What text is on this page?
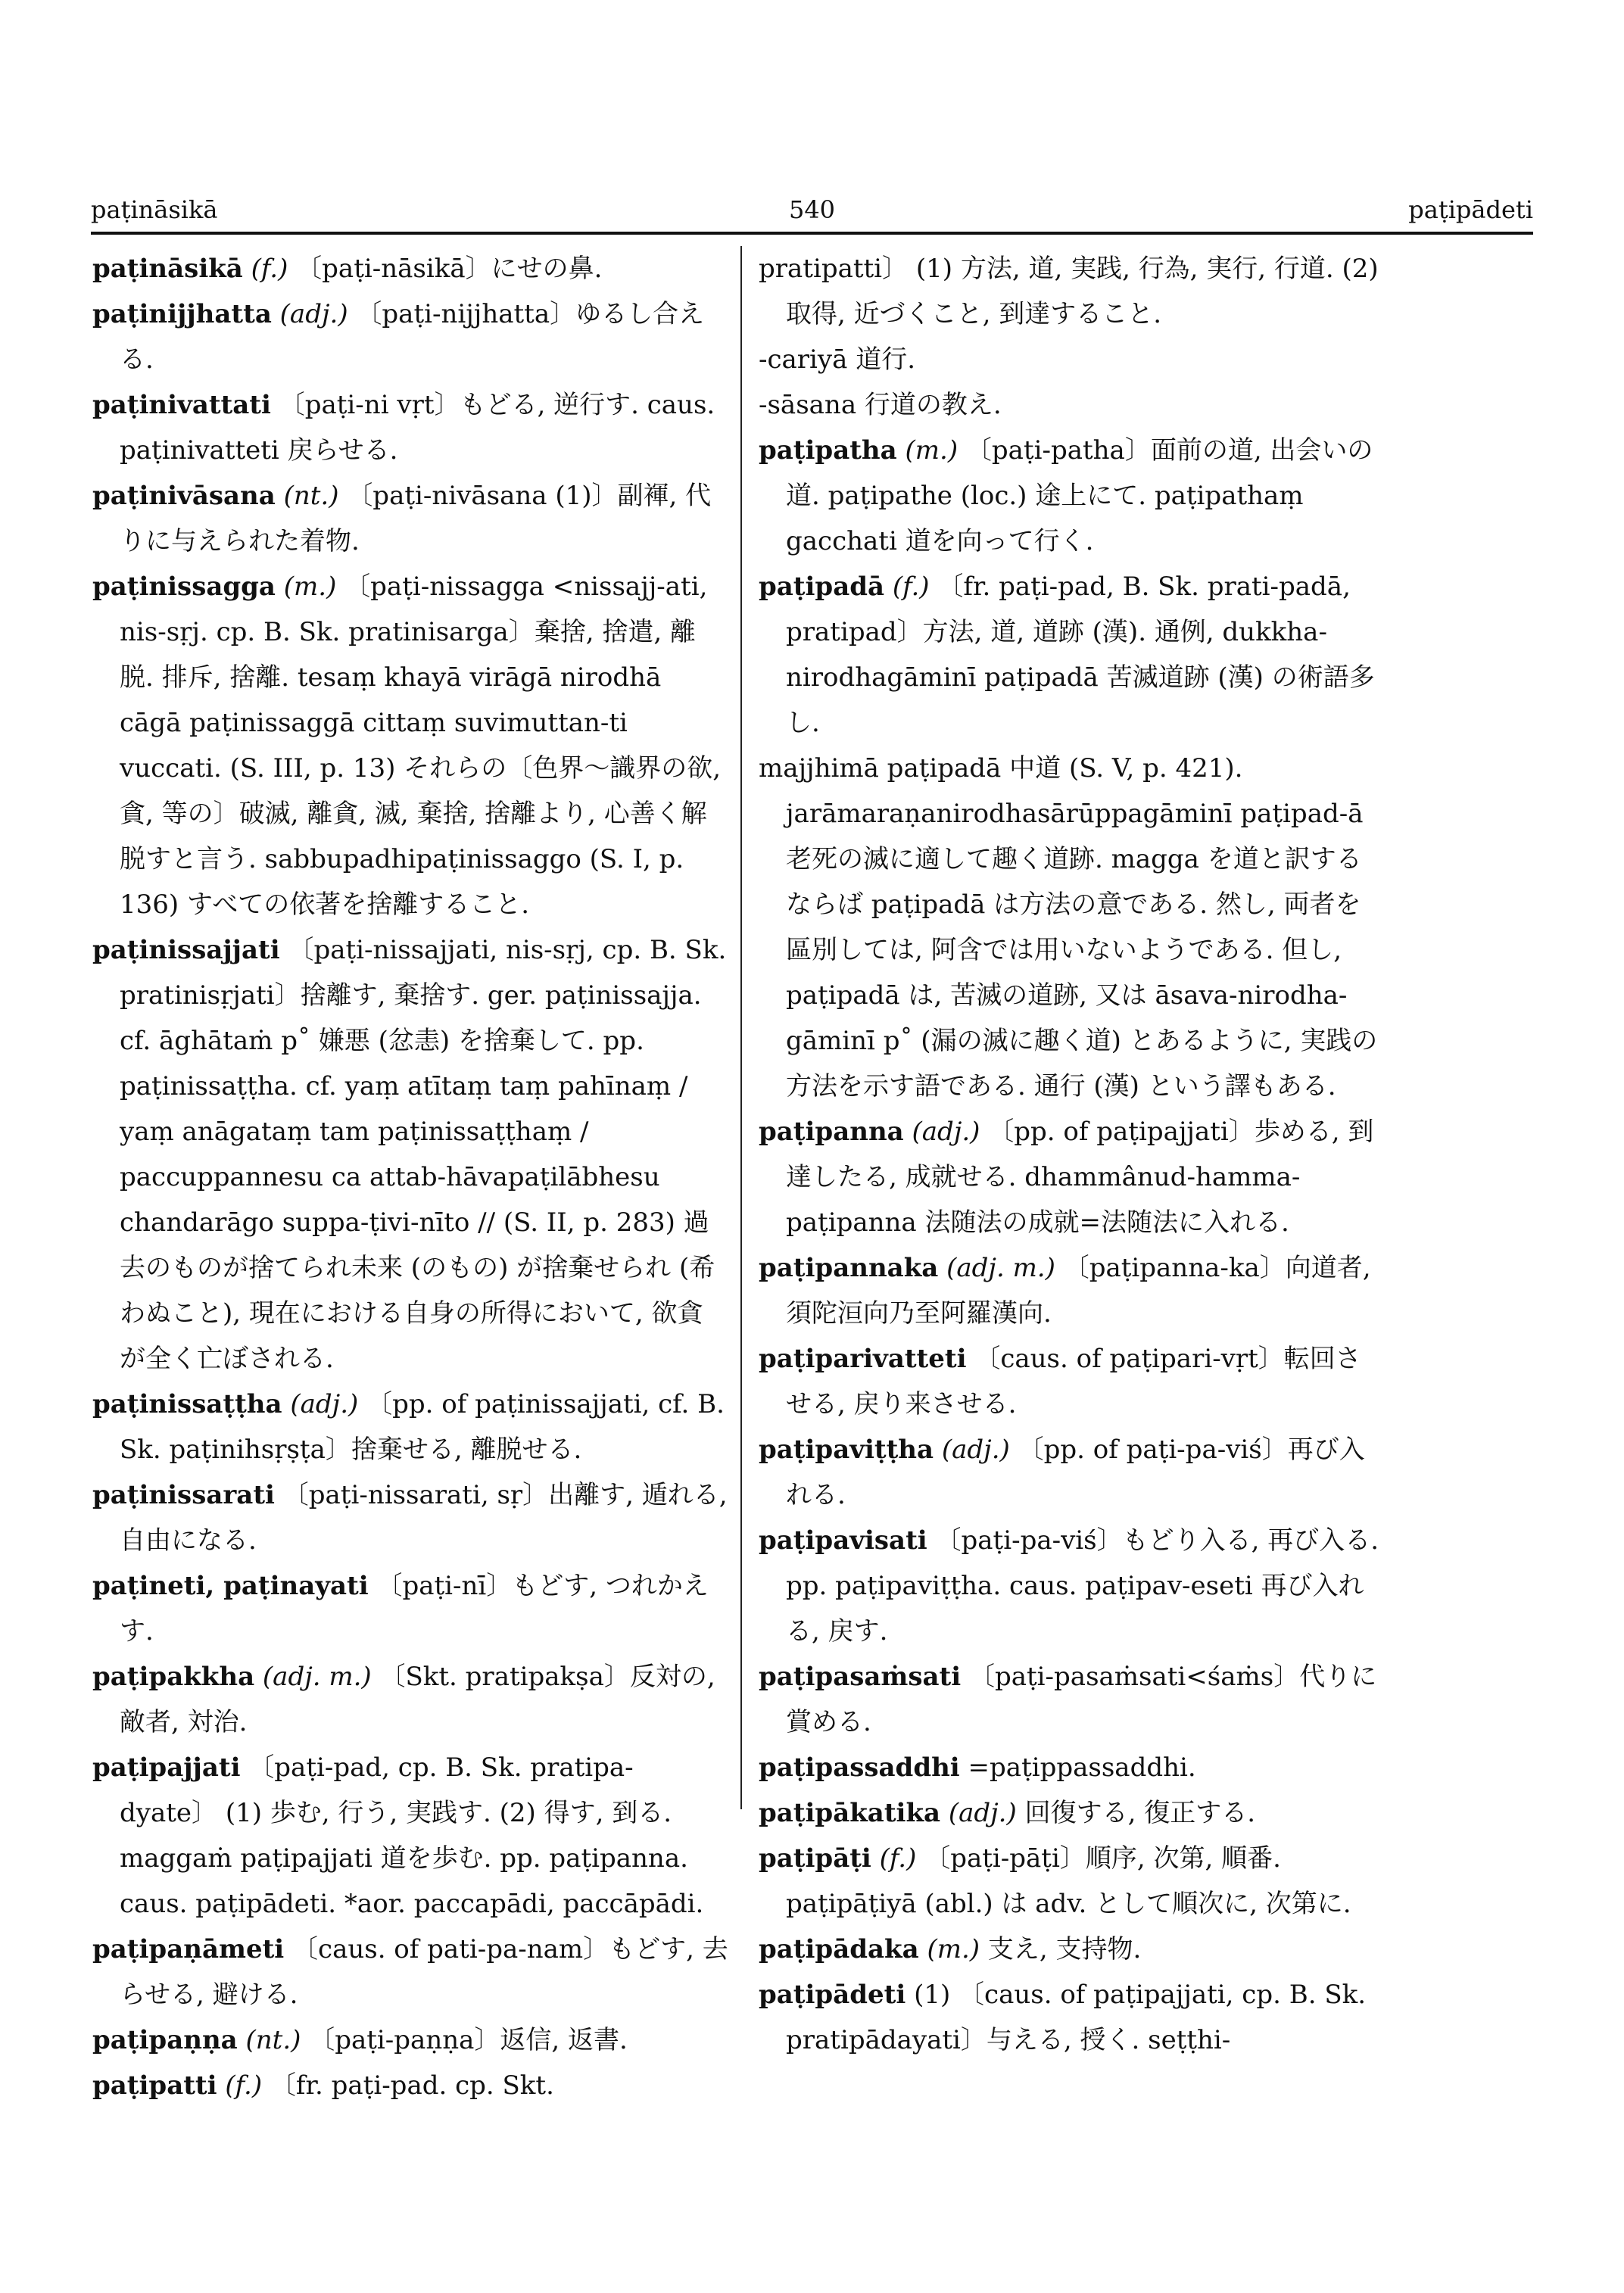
paṭināsikā	540	paṭipādeti

paṭināsikā (f.) 〔paṭi-nāsikā〕にせの鼻.

paṭinijjhatta (adj.) 〔paṭi-nijjhatta〕ゆるし合える.

paṭinivattati 〔paṭi-ni vṛt〕もどる, 逆行す. caus. paṭinivatteti 戻らせる.

paṭinivāsana (nt.) 〔paṭi-nivāsana (1)〕副褌, 代りに与えられた着物.

paṭinissagga (m.) 〔paṭi-nissagga <nissajj-ati, nis-sṛj. cp. B. Sk. pratinisarga〕棄捨, 捨遣, 離脱. 排斥, 捨離. tesaṃ khayā virāgā nirodhā cāgā paṭinissaggā cittaṃ suvimuttan-ti vuccati. (S. III, p. 13) それらの〔色界～識界の欲, 貪, 等の〕破滅, 離貪, 滅, 棄捨, 捨離より, 心善く解脱すと言う. sabbupadhipaṭinissaggo (S. I, p. 136) すべての依著を捨離すること.

paṭinissajjati 〔paṭi-nissajjati, nis-sṛj, cp. B. Sk. pratinisṛjati〕捨離す, 棄捨す. ger. paṭinissajja. cf. āghātaṁ p˚ 嫌悪 (忿恚) を捨棄して. pp. paṭinissaṭṭha. cf. yaṃ atītaṃ taṃ pahīnaṃ / yaṃ anāgataṃ tam paṭinissaṭṭhaṃ / paccuppannesu ca attab-hāvapaṭilābhesu chandarāgo suppa-ṭivi-nīto // (S. II, p. 283) 過去のものが捨てられ未来 (のもの) が捨棄せられ (希わぬこと), 現在における自身の所得において, 欲貪が全く亡ぼされる.

paṭinissaṭṭha (adj.) 〔pp. of paṭinissajjati, cf. B. Sk. paṭinihsṛṣṭa〕捨棄せる, 離脱せる.

paṭinissarati 〔paṭi-nissarati, sṛ〕出離す, 遁れる, 自由になる.

paṭineti, paṭinayati 〔paṭi-nī〕もどす, つれかえす.

paṭipakkha (adj. m.) 〔Skt. pratipakṣa〕反対の, 敵者, 対治.

paṭipajjati 〔paṭi-pad, cp. B. Sk. pratipa-dyate〕 (1) 歩む, 行う, 実践す. (2) 得す, 到る. maggaṁ paṭipajjati 道を歩む. pp. paṭipanna. caus. paṭipādeti. *aor. paccapādi, paccāpādi.

paṭipaṇāmeti 〔caus. of pati-pa-nam〕もどす, 去らせる, 避ける.

paṭipaṇṇa (nt.) 〔paṭi-paṇṇa〕返信, 返書.

paṭipatti (f.) 〔fr. paṭi-pad. cp. Skt.

pratipatti〕 (1) 方法, 道, 実践, 行為, 実行, 行道. (2) 取得, 近づくこと, 到達すること.

-cariyā 道行.

-sāsana 行道の教え.

paṭipatha (m.) 〔paṭi-patha〕面前の道, 出会いの道. paṭipathe (loc.) 途上にて. paṭipathaṃ gacchati 道を向って行く.

paṭipadā (f.) 〔fr. paṭi-pad, B. Sk. prati-padā, pratipad〕方法, 道, 道跡 (漢). 通例, dukkha-nirodhagāminī paṭipadā 苦滅道跡 (漢) の術語多し.

majjhimā paṭipadā 中道 (S. V, p. 421). jarāmaraṇanirodhasārūppagāminī paṭipad-ā 老死の滅に適して趣く道跡. magga を道と訳するならば paṭipadā は方法の意である. 然し, 両者を區別しては, 阿含では用いないようである. 但し, paṭipadā は, 苦滅の道跡, 又は āsava-nirodha-gāminī p˚ (漏の滅に趣く道) とあるように, 実践の方法を示す語である. 通行 (漢) という譯もある.

paṭipanna (adj.) 〔pp. of paṭipajjati〕歩める, 到達したる, 成就せる. dhammânud-hamma-paṭipanna 法随法の成就=法随法に入れる.

paṭipannaka (adj. m.) 〔paṭipanna-ka〕向道者, 須陀洹向乃至阿羅漢向.

paṭiparivatteti 〔caus. of paṭipari-vṛt〕転回させる, 戻り来させる.

paṭipaviṭṭha (adj.) 〔pp. of paṭi-pa-viś〕再び入れる.

paṭipavisati 〔paṭi-pa-viś〕もどり入る, 再び入る. pp. paṭipaviṭṭha. caus. paṭipav-eseti 再び入れる, 戻す.

paṭipasaṁsati 〔paṭi-pasaṁsati<śaṁs〕代りに賞める.

paṭipassaddhi =paṭippassaddhi.

paṭipākatika (adj.) 回復する, 復正する.

paṭipāṭi (f.) 〔paṭi-pāṭi〕順序, 次第, 順番. paṭipāṭiyā (abl.) は adv. として順次に, 次第に.

paṭipādaka (m.) 支え, 支持物.

paṭipādeti (1) 〔caus. of paṭipajjati, cp. B. Sk. pratipādayati〕与える, 授く. seṭṭhi-
